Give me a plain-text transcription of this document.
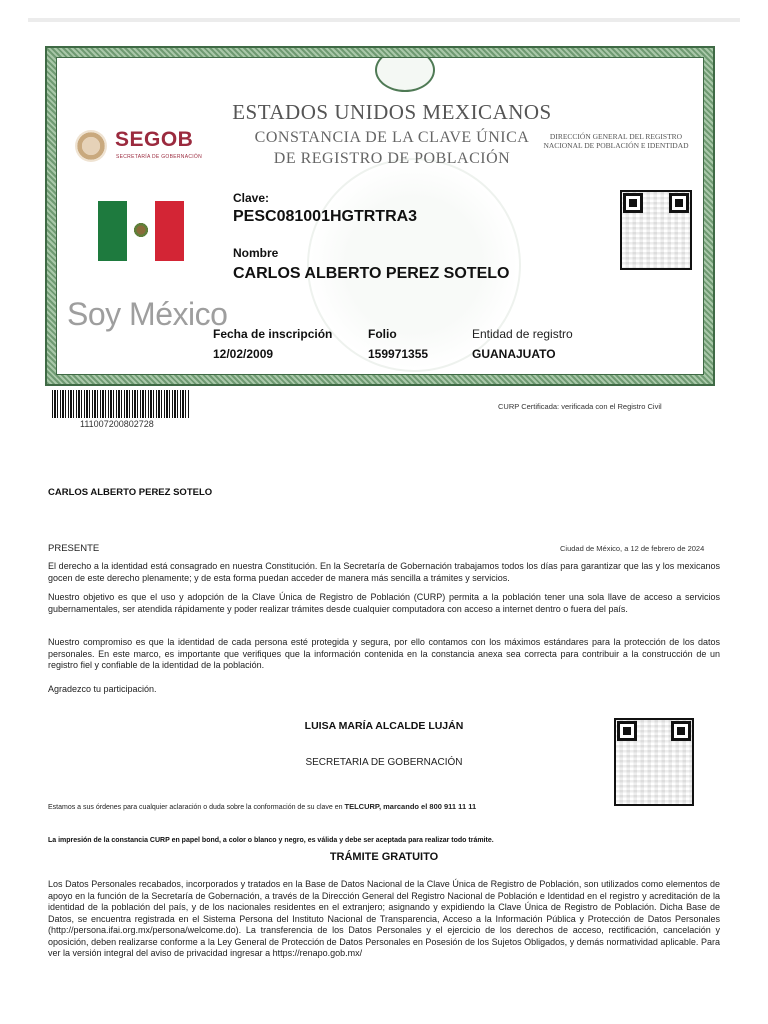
ESTADOS UNIDOS MEXICANOS
CONSTANCIA DE LA CLAVE ÚNICA
DE REGISTRO DE POBLACIÓN
SEGOB
SECRETARÍA DE GOBERNACIÓN
DIRECCIÓN GENERAL DEL REGISTRO NACIONAL DE POBLACIÓN E IDENTIDAD
Soy México
Clave:
PESC081001HGTRTRA3
Nombre
CARLOS ALBERTO PEREZ SOTELO
Fecha de inscripción
12/02/2009
Folio
159971355
Entidad de registro
GUANAJUATO
111007200802728
CURP Certificada: verificada con el Registro Civil
CARLOS ALBERTO PEREZ SOTELO
PRESENTE	Ciudad de México, a 12 de febrero de 2024
El derecho a la identidad está consagrado en nuestra Constitución. En la Secretaría de Gobernación trabajamos todos los días para garantizar que las y los mexicanos gocen de este derecho plenamente; y de esta forma puedan acceder de manera más sencilla a trámites y servicios.
Nuestro objetivo es que el uso y adopción de la Clave Única de Registro de Población (CURP) permita a la población tener una sola llave de acceso a servicios gubernamentales, ser atendida rápidamente y poder realizar trámites desde cualquier computadora con acceso a internet dentro o fuera del país.
Nuestro compromiso es que la identidad de cada persona esté protegida y segura, por ello contamos con los máximos estándares para la protección de los datos personales. En este marco, es importante que verifiques que la información contenida en la constancia anexa sea correcta para contribuir a la construcción de un registro fiel y confiable de la identidad de la población.
Agradezco tu participación.
LUISA MARÍA ALCALDE LUJÁN
SECRETARIA DE GOBERNACIÓN
Estamos a sus órdenes para cualquier aclaración o duda sobre la conformación de su clave en TELCURP, marcando el 800 911 11 11
La impresión de la constancia CURP en papel bond, a color o blanco y negro, es válida y debe ser aceptada para realizar todo trámite.
TRÁMITE GRATUITO
Los Datos Personales recabados, incorporados y tratados en la Base de Datos Nacional de la Clave Única de Registro de Población, son utilizados como elementos de apoyo en la función de la Secretaría de Gobernación, a través de la Dirección General del Registro Nacional de Población e Identidad en el registro y acreditación de la identidad de la población del país, y de los nacionales residentes en el extranjero; asignando y expidiendo la Clave Única de Registro de Población. Dicha Base de Datos, se encuentra registrada en el Sistema Persona del Instituto Nacional de Transparencia, Acceso a la Información Pública y Protección de Datos Personales (http://persona.ifai.org.mx/persona/welcome.do). La transferencia de los Datos Personales y el ejercicio de los derechos de acceso, rectificación, cancelación y oposición, deben realizarse conforme a la Ley General de Protección de Datos Personales en Posesión de los Sujetos Obligados, y demás normatividad aplicable. Para ver la versión integral del aviso de privacidad ingresar a https://renapo.gob.mx/
